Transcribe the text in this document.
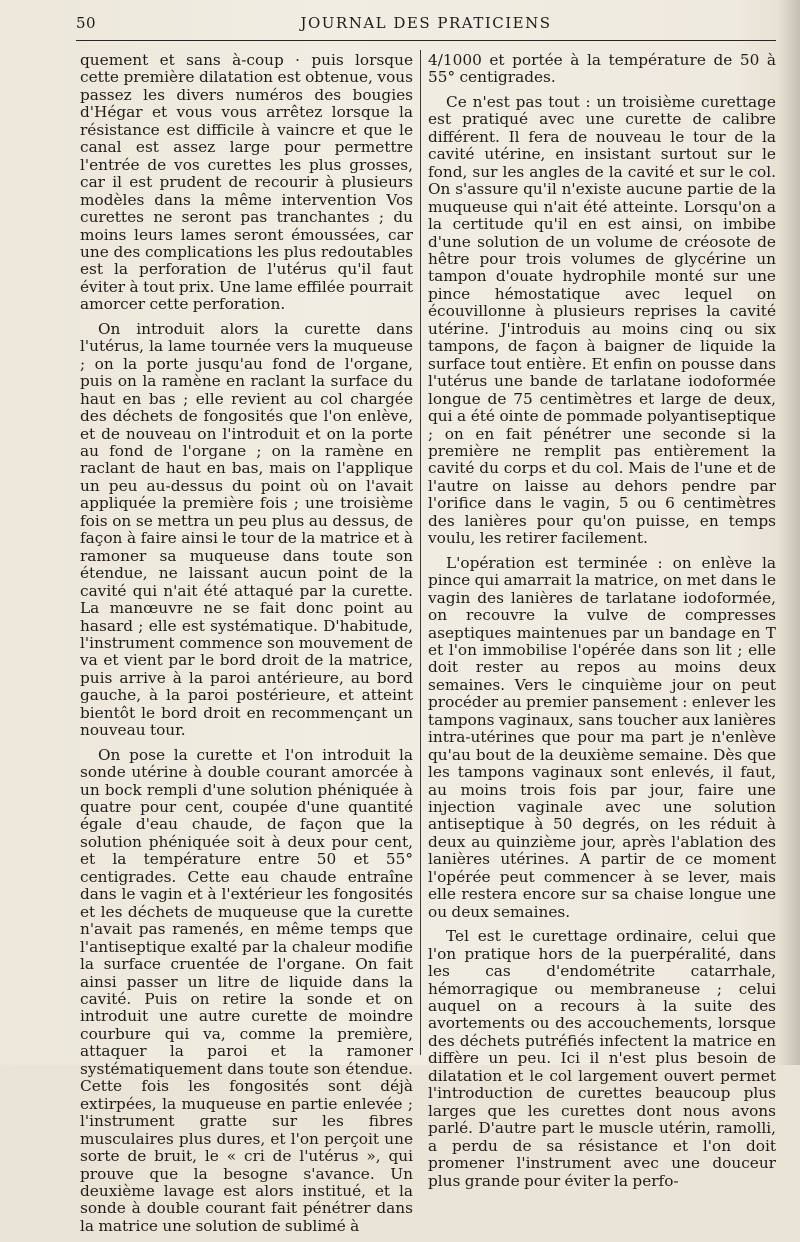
50	JOURNAL DES PRATICIENS

quement et sans à-coup · puis lorsque cette première dilatation est obtenue, vous passez les divers numéros des bougies d'Hégar et vous vous arrêtez lorsque la résistance est difficile à vaincre et que le canal est assez large pour permettre l'entrée de vos curettes les plus grosses, car il est prudent de recourir à plusieurs modèles dans la même intervention Vos curettes ne seront pas tranchantes ; du moins leurs lames seront émoussées, car une des complications les plus redoutables est la perforation de l'utérus qu'il faut éviter à tout prix. Une lame effilée pourrait amorcer cette perforation.

On introduit alors la curette dans l'utérus, la lame tournée vers la muqueuse ; on la porte jusqu'au fond de l'organe, puis on la ramène en raclant la surface du haut en bas ; elle revient au col chargée des déchets de fongosités que l'on enlève, et de nouveau on l'introduit et on la porte au fond de l'organe ; on la ramène en raclant de haut en bas, mais on l'applique un peu au-dessus du point où on l'avait appliquée la première fois ; une troisième fois on se mettra un peu plus au dessus, de façon à faire ainsi le tour de la matrice et à ramoner sa muqueuse dans toute son étendue, ne laissant aucun point de la cavité qui n'ait été attaqué par la curette. La manœuvre ne se fait donc point au hasard ; elle est systématique. D'habitude, l'instrument commence son mouvement de va et vient par le bord droit de la matrice, puis arrive à la paroi antérieure, au bord gauche, à la paroi postérieure, et atteint bientôt le bord droit en recommençant un nouveau tour.

On pose la curette et l'on introduit la sonde utérine à double courant amorcée à un bock rempli d'une solution phéniquée à quatre pour cent, coupée d'une quantité égale d'eau chaude, de façon que la solution phéniquée soit à deux pour cent, et la température entre 50 et 55° centigrades. Cette eau chaude entraîne dans le vagin et à l'extérieur les fongosités et les déchets de muqueuse que la curette n'avait pas ramenés, en même temps que l'antiseptique exalté par la chaleur modifie la surface cruentée de l'organe. On fait ainsi passer un litre de liquide dans la cavité. Puis on retire la sonde et on introduit une autre curette de moindre courbure qui va, comme la première, attaquer la paroi et la ramoner systématiquement dans toute son étendue. Cette fois les fongosités sont déjà extirpées, la muqueuse en partie enlevée ; l'instrument gratte sur les fibres musculaires plus dures, et l'on perçoit une sorte de bruit, le « cri de l'utérus », qui prouve que la besogne s'avance. Un deuxième lavage est alors institué, et la sonde à double courant fait pénétrer dans la matrice une solution de sublimé à

4/1000 et portée à la température de 50 à 55° centigrades.

Ce n'est pas tout : un troisième curettage est pratiqué avec une curette de calibre différent. Il fera de nouveau le tour de la cavité utérine, en insistant surtout sur le fond, sur les angles de la cavité et sur le col. On s'assure qu'il n'existe aucune partie de la muqueuse qui n'ait été atteinte. Lorsqu'on a la certitude qu'il en est ainsi, on imbibe d'une solution de un volume de créosote de hêtre pour trois volumes de glycérine un tampon d'ouate hydrophile monté sur une pince hémostatique avec lequel on écouvillonne à plusieurs reprises la cavité utérine. J'introduis au moins cinq ou six tampons, de façon à baigner de liquide la surface tout entière. Et enfin on pousse dans l'utérus une bande de tarlatane iodoformée longue de 75 centimètres et large de deux, qui a été ointe de pommade polyantiseptique ; on en fait pénétrer une seconde si la première ne remplit pas entièrement la cavité du corps et du col. Mais de l'une et de l'autre on laisse au dehors pendre par l'orifice dans le vagin, 5 ou 6 centimètres des lanières pour qu'on puisse, en temps voulu, les retirer facilement.

L'opération est terminée : on enlève la pince qui amarrait la matrice, on met dans le vagin des lanières de tarlatane iodoformée, on recouvre la vulve de compresses aseptiques maintenues par un bandage en T et l'on immobilise l'opérée dans son lit ; elle doit rester au repos au moins deux semaines. Vers le cinquième jour on peut procéder au premier pansement : enlever les tampons vaginaux, sans toucher aux lanières intra-utérines que pour ma part je n'enlève qu'au bout de la deuxième semaine. Dès que les tampons vaginaux sont enlevés, il faut, au moins trois fois par jour, faire une injection vaginale avec une solution antiseptique à 50 degrés, on les réduit à deux au quinzième jour, après l'ablation des lanières utérines. A partir de ce moment l'opérée peut commencer à se lever, mais elle restera encore sur sa chaise longue une ou deux semaines.

Tel est le curettage ordinaire, celui que l'on pratique hors de la puerpéralité, dans les cas d'endométrite catarrhale, hémorragique ou membraneuse ; celui auquel on a recours à la suite des avortements ou des accouchements, lorsque des déchets putréfiés infectent la matrice en diffère un peu. Ici il n'est plus besoin de dilatation et le col largement ouvert permet l'introduction de curettes beaucoup plus larges que les curettes dont nous avons parlé. D'autre part le muscle utérin, ramolli, a perdu de sa résistance et l'on doit promener l'instrument avec une douceur plus grande pour éviter la perfo-
